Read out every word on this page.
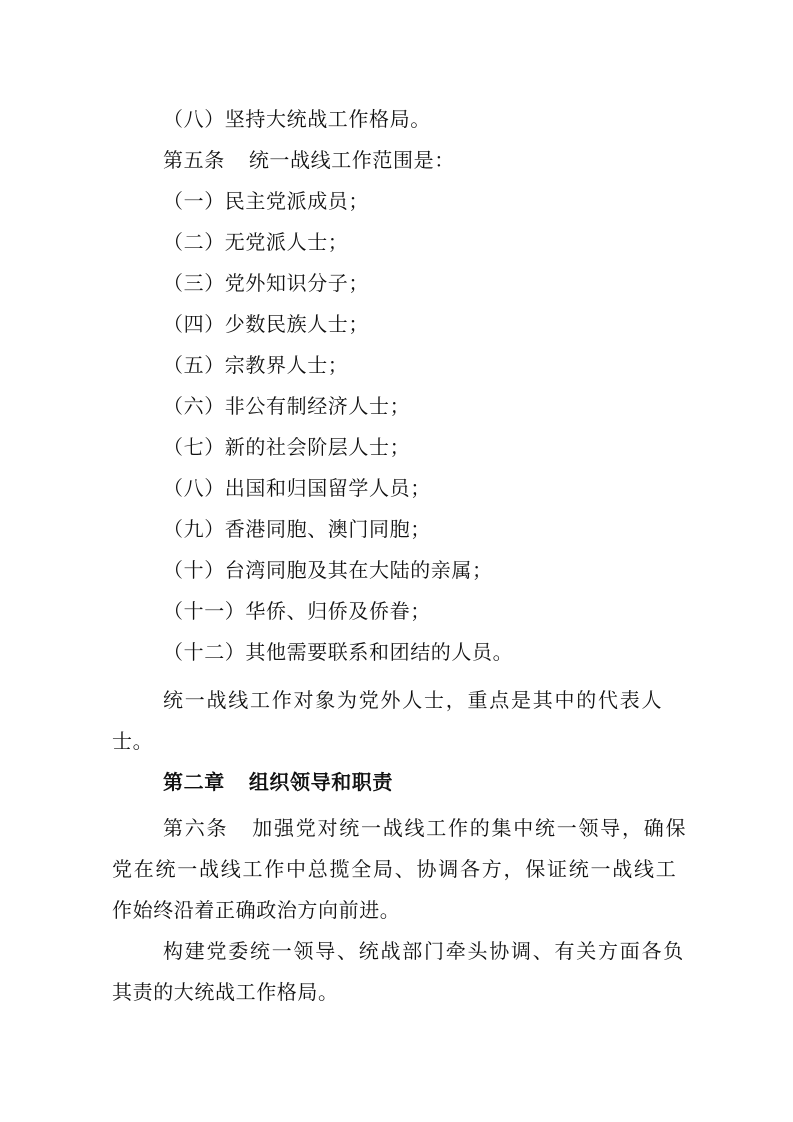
（八）坚持大统战工作格局。
第五条 统一战线工作范围是：
（一）民主党派成员；
（二）无党派人士；
（三）党外知识分子；
（四）少数民族人士；
（五）宗教界人士；
（六）非公有制经济人士；
（七）新的社会阶层人士；
（八）出国和归国留学人员；
（九）香港同胞、澳门同胞；
（十）台湾同胞及其在大陆的亲属；
（十一）华侨、归侨及侨眷；
（十二）其他需要联系和团结的人员。
统一战线工作对象为党外人士，重点是其中的代表人
士。
第二章 组织领导和职责
第六条 加强党对统一战线工作的集中统一领导，确保
党在统一战线工作中总揽全局、协调各方，保证统一战线工
作始终沿着正确政治方向前进。
构建党委统一领导、统战部门牵头协调、有关方面各负
其责的大统战工作格局。
